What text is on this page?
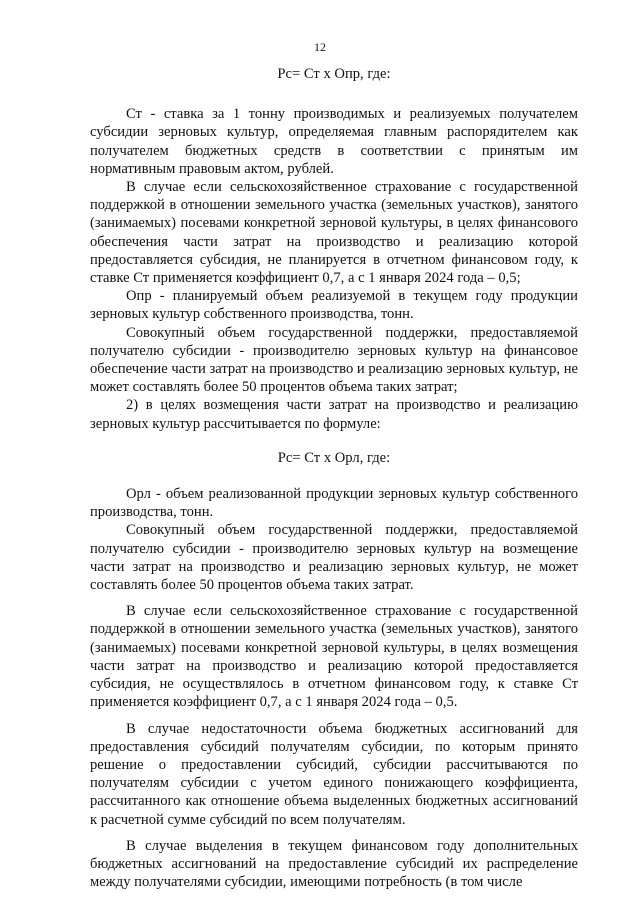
12
Рс= Ст х Опр, где:

Ст - ставка за 1 тонну производимых и реализуемых получателем субсидии зерновых культур, определяемая главным распорядителем как получателем бюджетных средств в соответствии с принятым им нормативным правовым актом, рублей.

В случае если сельскохозяйственное страхование с государственной поддержкой в отношении земельного участка (земельных участков), занятого (занимаемых) посевами конкретной зерновой культуры, в целях финансового обеспечения части затрат на производство и реализацию которой предоставляется субсидия, не планируется в отчетном финансовом году, к ставке Ст применяется коэффициент 0,7, а с 1 января 2024 года – 0,5;

Опр - планируемый объем реализуемой в текущем году продукции зерновых культур собственного производства, тонн.

Совокупный объем государственной поддержки, предоставляемой получателю субсидии - производителю зерновых культур на финансовое обеспечение части затрат на производство и реализацию зерновых культур, не может составлять более 50 процентов объема таких затрат;

2) в целях возмещения части затрат на производство и реализацию зерновых культур рассчитывается по формуле:

Рс= Ст х Орл, где:

Орл - объем реализованной продукции зерновых культур собственного производства, тонн.

Совокупный объем государственной поддержки, предоставляемой получателю субсидии - производителю зерновых культур на возмещение части затрат на производство и реализацию зерновых культур, не может составлять более 50 процентов объема таких затрат.

В случае если сельскохозяйственное страхование с государственной поддержкой в отношении земельного участка (земельных участков), занятого (занимаемых) посевами конкретной зерновой культуры, в целях возмещения части затрат на производство и реализацию которой предоставляется субсидия, не осуществлялось в отчетном финансовом году, к ставке Ст применяется коэффициент 0,7, а с 1 января 2024 года – 0,5.

В случае недостаточности объема бюджетных ассигнований для предоставления субсидий получателям субсидии, по которым принято решение о предоставлении субсидий, субсидии рассчитываются по получателям субсидии с учетом единого понижающего коэффициента, рассчитанного как отношение объема выделенных бюджетных ассигнований к расчетной сумме субсидий по всем получателям.

В случае выделения в текущем финансовом году дополнительных бюджетных ассигнований на предоставление субсидий их распределение между получателями субсидии, имеющими потребность (в том числе
